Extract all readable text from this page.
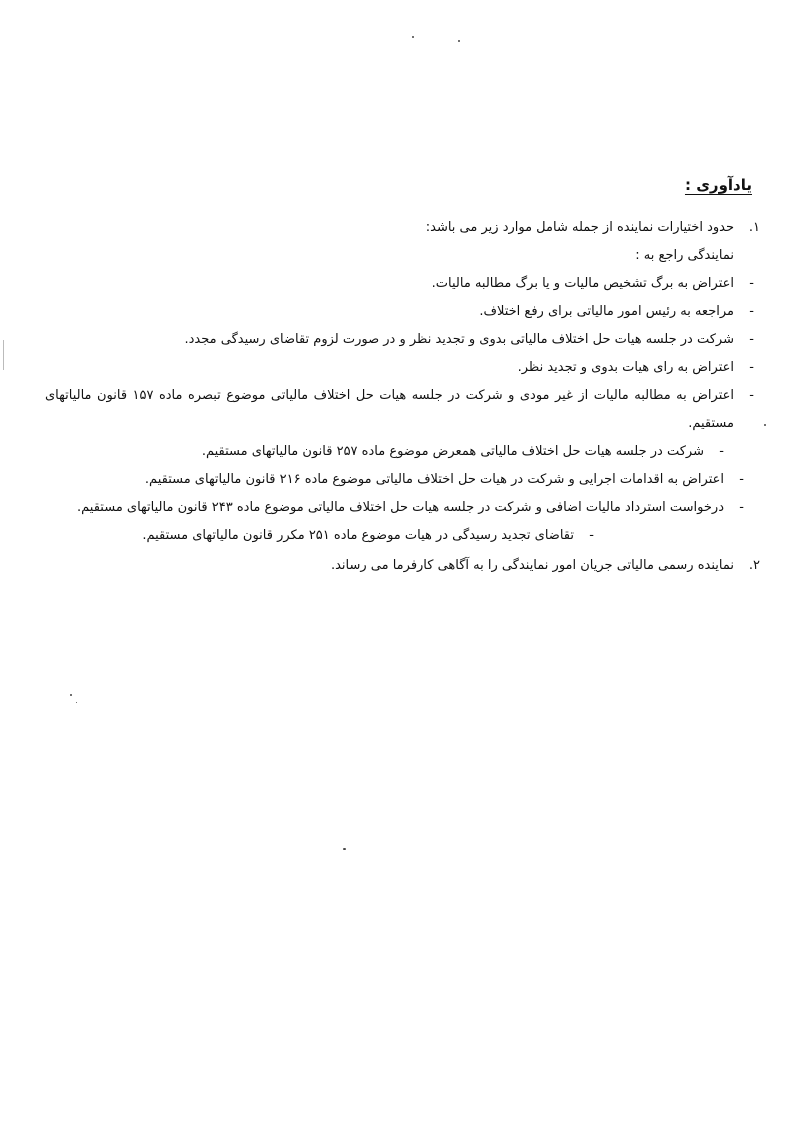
یادآوری :

۱.
حدود اختیارات نماینده از جمله شامل موارد زیر می باشد:

نمایندگی راجع به :

-
اعتراض به برگ تشخیص مالیات و یا برگ مطالبه مالیات.

-
مراجعه به رئیس امور مالیاتی برای رفع اختلاف.

-
شرکت در جلسه هیات حل اختلاف مالیاتی بدوی و تجدید نظر و در صورت لزوم تقاضای رسیدگی مجدد.

-
اعتراض به رای هیات بدوی و تجدید نظر.

-
اعتراض به مطالبه مالیات از غیر مودی و شرکت در جلسه هیات حل اختلاف مالیاتی موضوع تبصره ماده ۱۵۷ قانون مالیاتهای مستقیم.

-
شرکت در جلسه هیات حل اختلاف مالیاتی همعرض موضوع ماده ۲۵۷ قانون مالیاتهای مستقیم.

-
اعتراض به اقدامات اجرایی و شرکت در هیات حل اختلاف مالیاتی موضوع ماده ۲۱۶ قانون مالیاتهای مستقیم.

-
درخواست استرداد مالیات اضافی و شرکت در جلسه هیات حل اختلاف مالیاتی موضوع ماده ۲۴۳ قانون مالیاتهای مستقیم.

-
تقاضای تجدید رسیدگی در هیات موضوع ماده ۲۵۱ مکرر قانون مالیاتهای مستقیم.

۲.
نماینده رسمی مالیاتی جریان امور نمایندگی را به آگاهی کارفرما می رساند.
